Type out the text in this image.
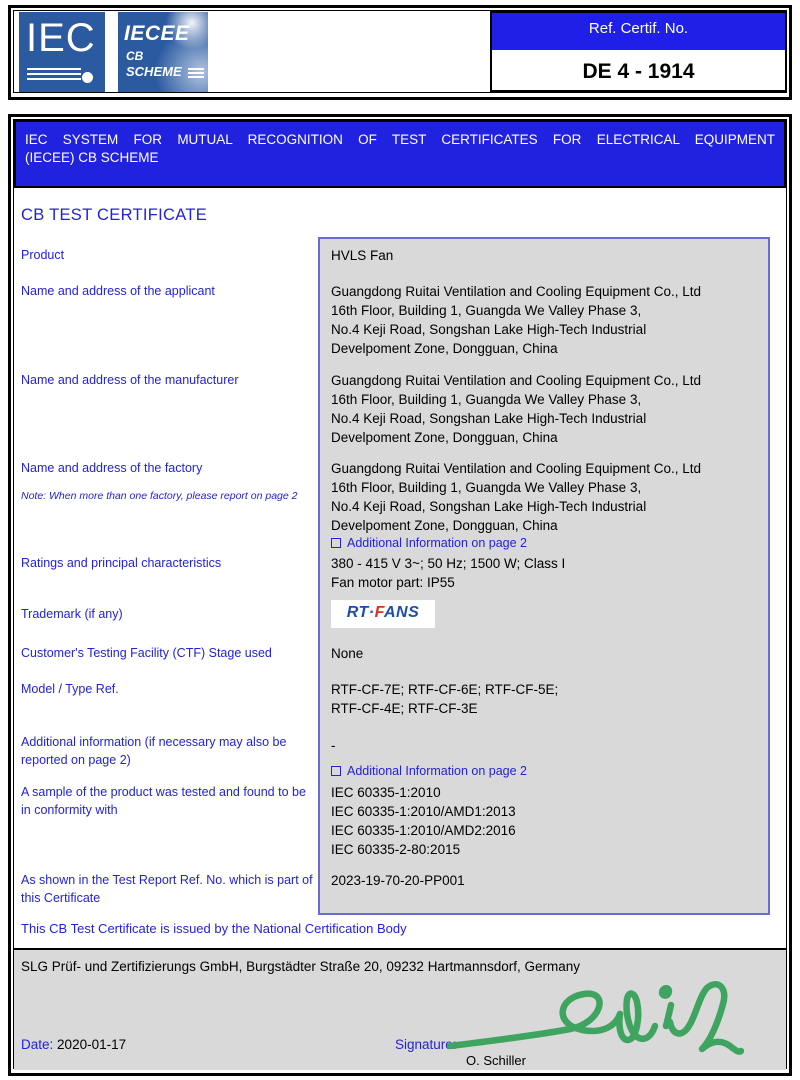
IEC	IECEE
CB
SCHEME
Ref. Certif. No.
DE 4 - 1914
IEC SYSTEM FOR MUTUAL RECOGNITION OF TEST CERTIFICATES FOR ELECTRICAL EQUIPMENT
(IECEE) CB SCHEME
CB TEST CERTIFICATE
Product
Name and address of the applicant
Name and address of the manufacturer
Name and address of the factory
Note: When more than one factory, please report on page 2
Ratings and principal characteristics
Trademark (if any)
Customer's Testing Facility (CTF) Stage used
Model / Type Ref.
Additional information (if necessary may also be reported on page 2)
A sample of the product was tested and found to be in conformity with
As shown in the Test Report Ref. No. which is part of this Certificate
HVLS Fan
Guangdong Ruitai Ventilation and Cooling Equipment Co., Ltd
16th Floor, Building 1, Guangda We Valley Phase 3,
No.4 Keji Road, Songshan Lake High-Tech Industrial
Develpoment Zone, Dongguan, China
Guangdong Ruitai Ventilation and Cooling Equipment Co., Ltd
16th Floor, Building 1, Guangda We Valley Phase 3,
No.4 Keji Road, Songshan Lake High-Tech Industrial
Develpoment Zone, Dongguan, China
Guangdong Ruitai Ventilation and Cooling Equipment Co., Ltd
16th Floor, Building 1, Guangda We Valley Phase 3,
No.4 Keji Road, Songshan Lake High-Tech Industrial
Develpoment Zone, Dongguan, China
Additional Information on page 2
380 - 415 V 3~; 50 Hz; 1500 W; Class I
Fan motor part: IP55
RT·FANS
None
RTF-CF-7E; RTF-CF-6E; RTF-CF-5E;
RTF-CF-4E; RTF-CF-3E
-
Additional Information on page 2
IEC 60335-1:2010
IEC 60335-1:2010/AMD1:2013
IEC 60335-1:2010/AMD2:2016
IEC 60335-2-80:2015
2023-19-70-20-PP001
This CB Test Certificate is issued by the National Certification Body
SLG Prüf- und Zertifizierungs GmbH, Burgstädter Straße 20, 09232 Hartmannsdorf, Germany
Date: 2020-01-17	Signature:
O. Schiller
